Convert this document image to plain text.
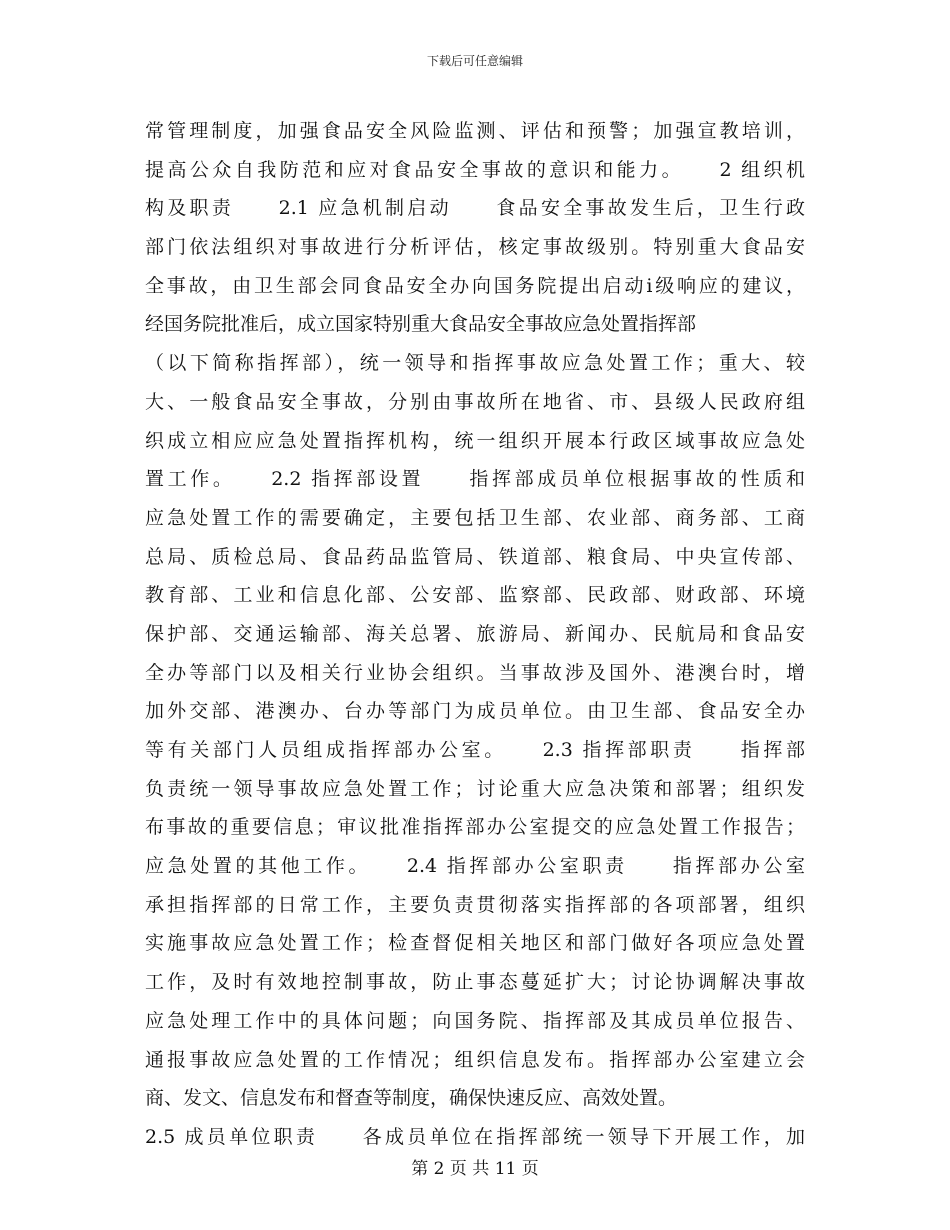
下载后可任意编辑
常管理制度，加强食品安全风险监测、评估和预警；加强宣教培训，
提高公众自我防范和应对食品安全事故的意识和能力。　　2 组织机
构及职责　　2.1 应急机制启动　　食品安全事故发生后，卫生行政
部门依法组织对事故进行分析评估，核定事故级别。特别重大食品安
全事故，由卫生部会同食品安全办向国务院提出启动ⅰ级响应的建议，
经国务院批准后，成立国家特别重大食品安全事故应急处置指挥部
（以下简称指挥部），统一领导和指挥事故应急处置工作；重大、较
大、一般食品安全事故，分别由事故所在地省、市、县级人民政府组
织成立相应应急处置指挥机构，统一组织开展本行政区域事故应急处
置工作。　　2.2 指挥部设置　　指挥部成员单位根据事故的性质和
应急处置工作的需要确定，主要包括卫生部、农业部、商务部、工商
总局、质检总局、食品药品监管局、铁道部、粮食局、中央宣传部、
教育部、工业和信息化部、公安部、监察部、民政部、财政部、环境
保护部、交通运输部、海关总署、旅游局、新闻办、民航局和食品安
全办等部门以及相关行业协会组织。当事故涉及国外、港澳台时，增
加外交部、港澳办、台办等部门为成员单位。由卫生部、食品安全办
等有关部门人员组成指挥部办公室。　　2.3 指挥部职责　　指挥部
负责统一领导事故应急处置工作；讨论重大应急决策和部署；组织发
布事故的重要信息；审议批准指挥部办公室提交的应急处置工作报告；
应急处置的其他工作。　　2.4 指挥部办公室职责　　指挥部办公室
承担指挥部的日常工作，主要负责贯彻落实指挥部的各项部署，组织
实施事故应急处置工作；检查督促相关地区和部门做好各项应急处置
工作，及时有效地控制事故，防止事态蔓延扩大；讨论协调解决事故
应急处理工作中的具体问题；向国务院、指挥部及其成员单位报告、
通报事故应急处置的工作情况；组织信息发布。指挥部办公室建立会
商、发文、信息发布和督查等制度，确保快速反应、高效处置。
2.5 成员单位职责　　各成员单位在指挥部统一领导下开展工作，加
第 2 页 共 11 页
